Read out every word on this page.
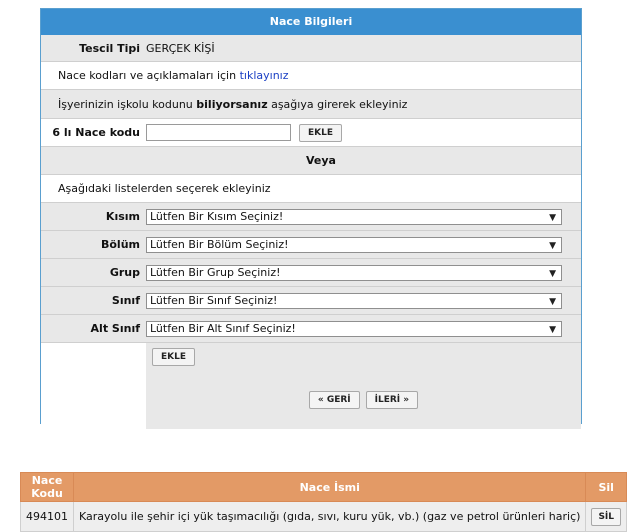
Nace Bilgileri
Tescil Tipi GERÇEK KİŞİ
Nace kodları ve açıklamaları için tıklayınız
İşyerinizin işkolu kodunu biliyorsanız aşağıya girerek ekleyiniz
6 lı Nace kodu	EKLE
Veya
Aşağıdaki listelerden seçerek ekleyiniz
Kısım Lütfen Bir Kısım Seçiniz!	▼
Bölüm Lütfen Bir Bölüm Seçiniz!	▼
Grup Lütfen Bir Grup Seçiniz!	▼
Sınıf Lütfen Bir Sınıf Seçiniz!	▼
Alt Sınıf Lütfen Bir Alt Sınıf Seçiniz!	▼
EKLE
« GERİ	İLERİ »
Nace Kodu	Nace İsmi	Sil
494101	Karayolu ile şehir içi yük taşımacılığı (gıda, sıvı, kuru yük, vb.) (gaz ve petrol ürünleri hariç)	SİL
